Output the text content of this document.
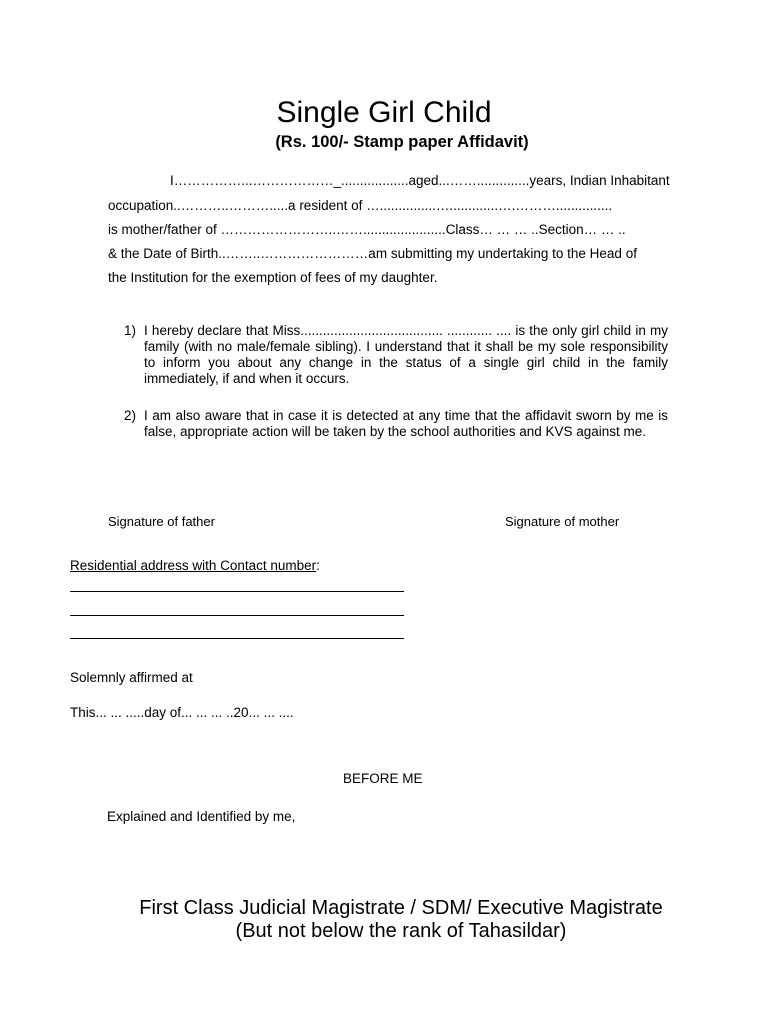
Single Girl Child
(Rs. 100/- Stamp paper Affidavit)
I……………...………………_..................aged...……..............years, Indian Inhabitant
occupation..………..……….....a resident of …...............….............….………...............
is mother/father of ……………………..……......................Class… … … ..Section… … ..
& the Date of Birth..……..……………………am submitting my undertaking to the Head of
the Institution for the exemption of fees of my daughter.
1) I hereby declare that Miss...................................... ............ .... is the only girl child in my family (with no male/female sibling). I understand that it shall be my sole responsibility to inform you about any change in the status of a single girl child in the family immediately, if and when it occurs.
2) I am also aware that in case it is detected at any time that the affidavit sworn by me is false, appropriate action will be taken by the school authorities and KVS against me.
Signature of father	Signature of mother
Residential address with Contact number:
Solemnly affirmed at
This... ... .....day of... ... ... ..20... ... ....
BEFORE ME
Explained and Identified by me,
First Class Judicial Magistrate / SDM/ Executive Magistrate
(But not below the rank of Tahasildar)
